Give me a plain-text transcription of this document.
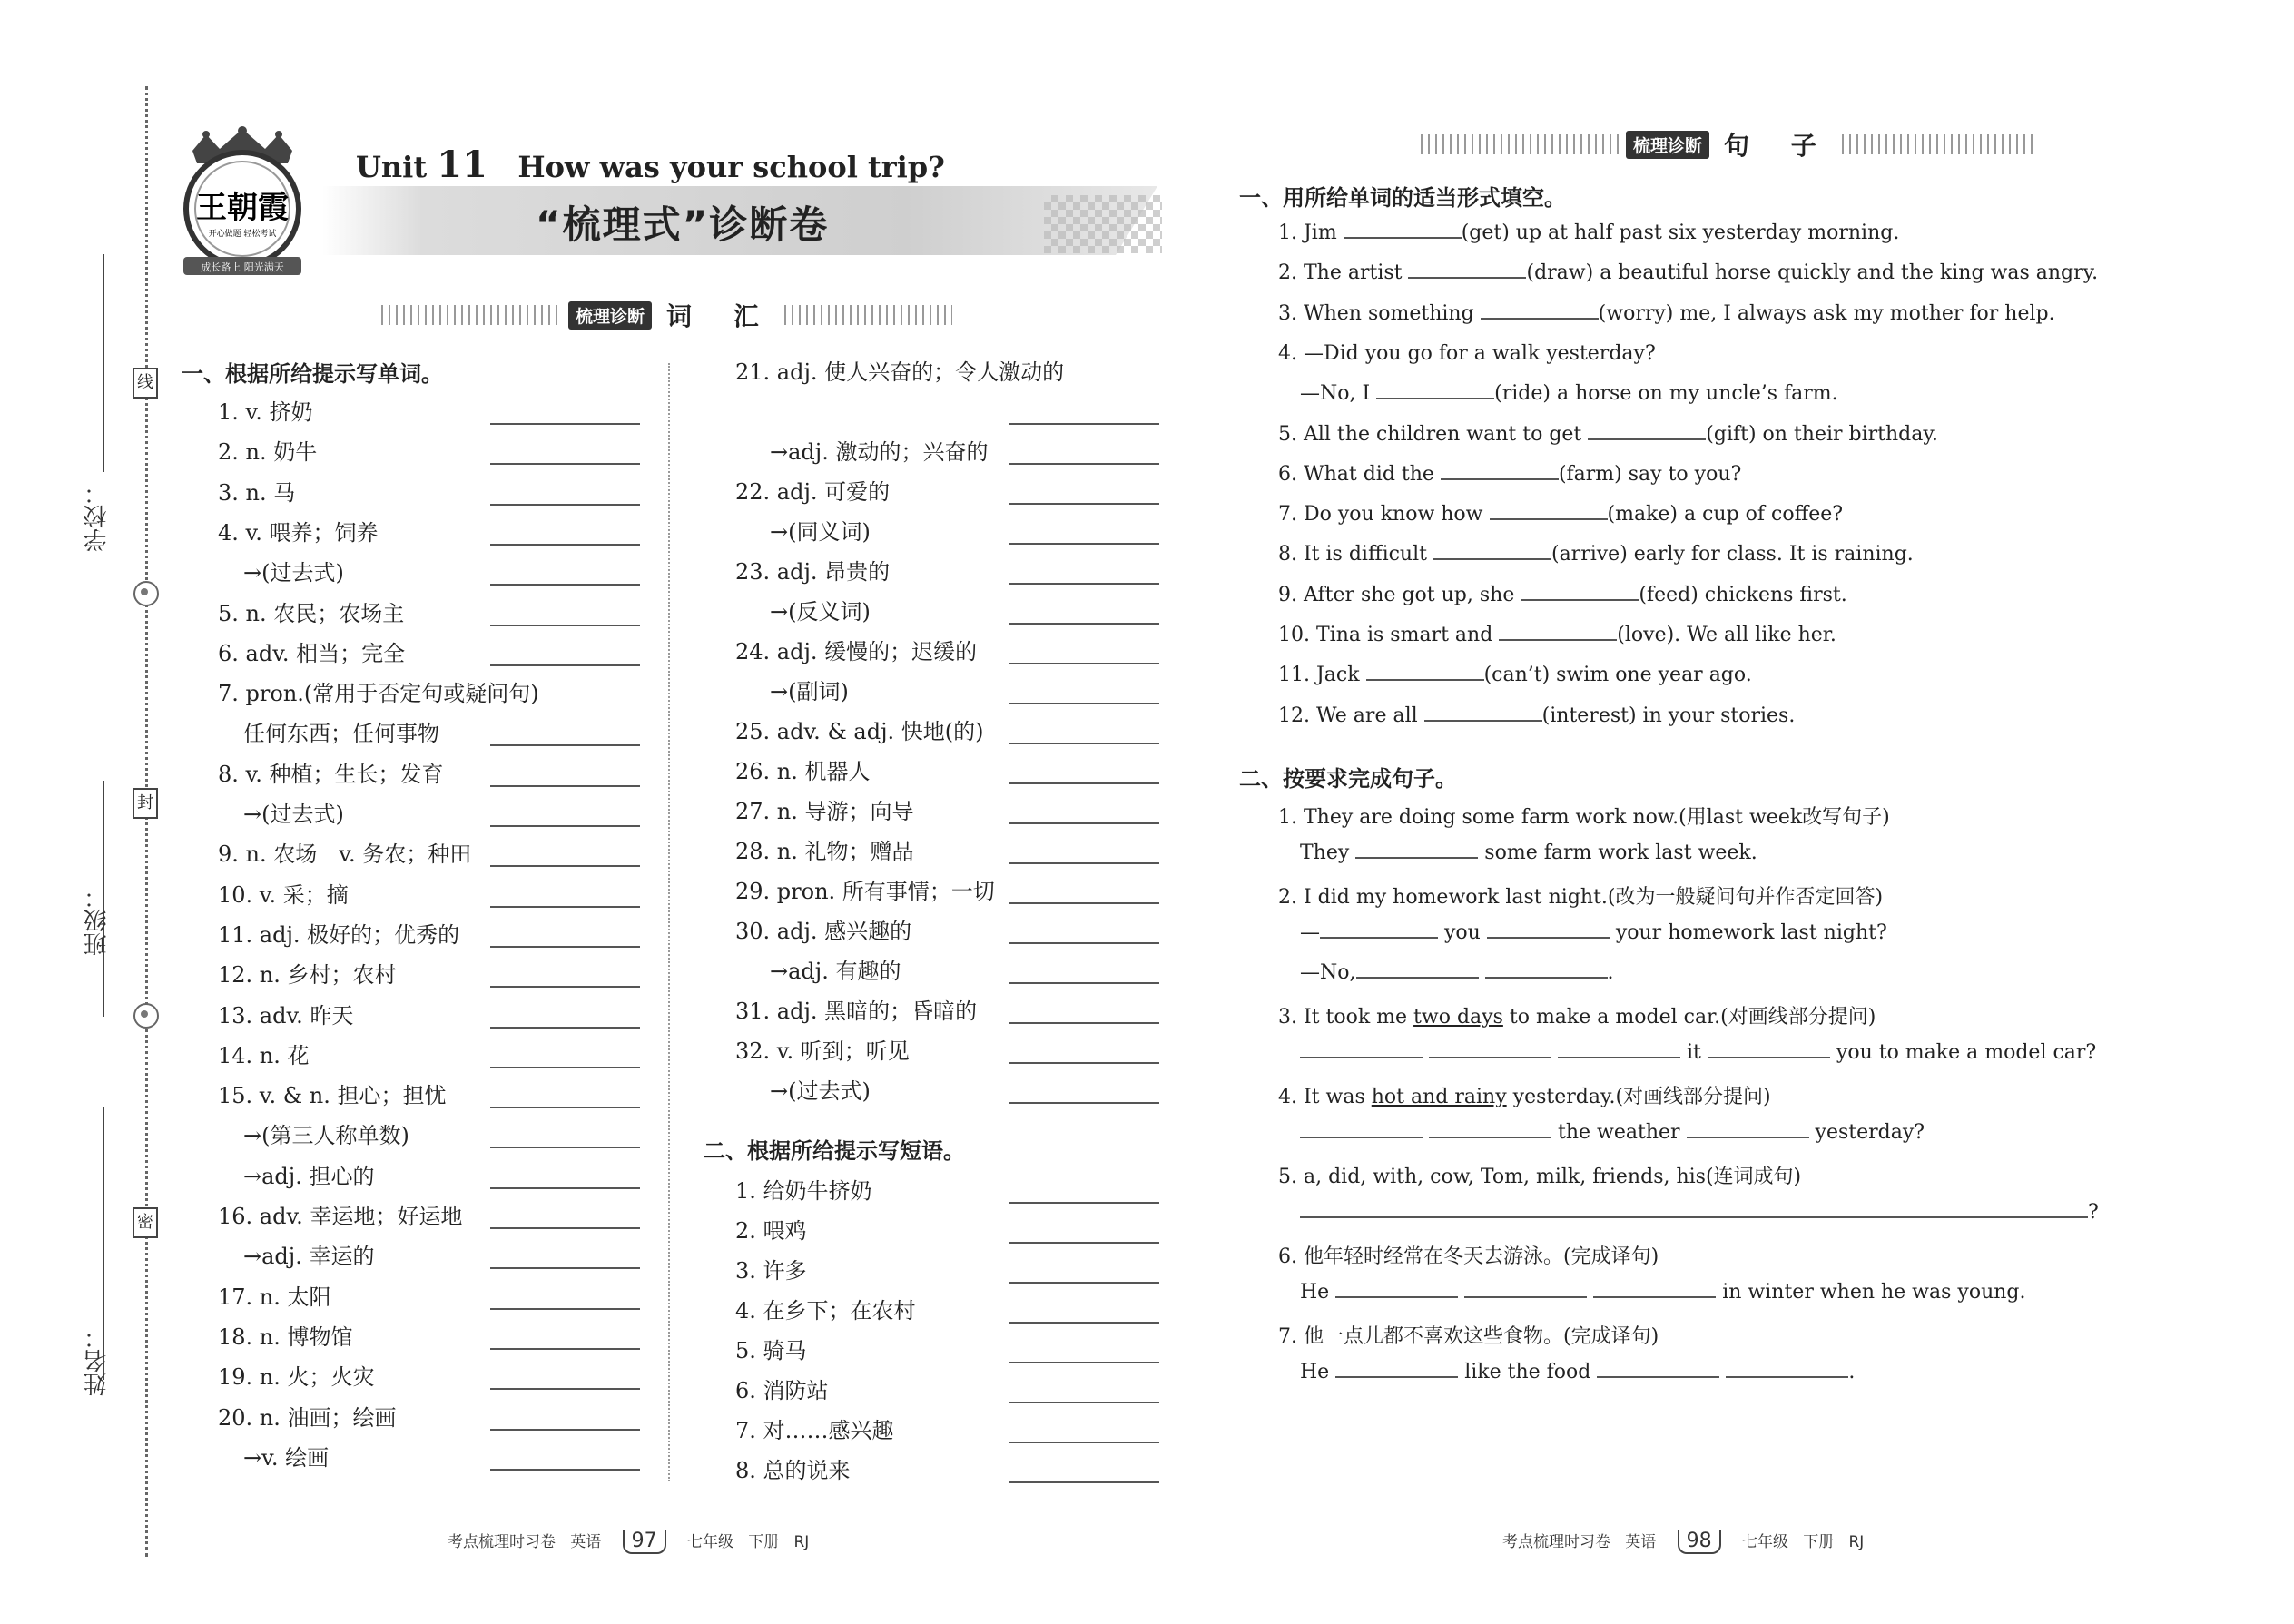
姓名：
班级：
学校：
线
封
密
王朝霞
开心做题 轻松考试
成长路上 阳光满天
Unit 11 How was your school trip?
“梳理式”诊断卷
梳理诊断 词 汇
一、根据所给提示写单词。
二、根据所给提示写短语。
1. v. 挤奶
2. n. 奶牛
3. n. 马
4. v. 喂养；饲养
→(过去式)
5. n. 农民；农场主
6. adv. 相当；完全
7. pron.(常用于否定句或疑问句)
任何东西；任何事物
8. v. 种植；生长；发育
→(过去式)
9. n. 农场　v. 务农；种田
10. v. 采；摘
11. adj. 极好的；优秀的
12. n. 乡村；农村
13. adv. 昨天
14. n. 花
15. v. & n. 担心；担忧
→(第三人称单数)
→adj. 担心的
16. adv. 幸运地；好运地
→adj. 幸运的
17. n. 太阳
18. n. 博物馆
19. n. 火；火灾
20. n. 油画；绘画
→v. 绘画
21. adj. 使人兴奋的；令人激动的
→adj. 激动的；兴奋的
22. adj. 可爱的
→(同义词)
23. adj. 昂贵的
→(反义词)
24. adj. 缓慢的；迟缓的
→(副词)
25. adv. & adj. 快地(的)
26. n. 机器人
27. n. 导游；向导
28. n. 礼物；赠品
29. pron. 所有事情；一切
30. adj. 感兴趣的
→adj. 有趣的
31. adj. 黑暗的；昏暗的
32. v. 听到；听见
→(过去式)
1. 给奶牛挤奶
2. 喂鸡
3. 许多
4. 在乡下；在农村
5. 骑马
6. 消防站
7. 对……感兴趣
8. 总的说来
梳理诊断 句 子
一、用所给单词的适当形式填空。
1. Jim	(get) up at half past six yesterday morning.
2. The artist	(draw) a beautiful horse quickly and the king was angry.
3. When something	(worry) me, I always ask my mother for help.
4. —Did you go for a walk yesterday?
—No, I	(ride) a horse on my uncle’s farm.
5. All the children want to get	(gift) on their birthday.
6. What did the	(farm) say to you?
7. Do you know how	(make) a cup of coffee?
8. It is difficult	(arrive) early for class. It is raining.
9. After she got up, she	(feed) chickens first.
10. Tina is smart and	(love). We all like her.
11. Jack	(can’t) swim one year ago.
12. We are all	(interest) in your stories.
二、按要求完成句子。
1. They are doing some farm work now.(用last week改写句子)
They	some farm work last week.
2. I did my homework last night.(改为一般疑问句并作否定回答)
—	you	your homework last night?
—No,	.
3. It took me two days to make a model car.(对画线部分提问)
it	you to make a model car?
4. It was hot and rainy yesterday.(对画线部分提问)
the weather	yesterday?
5. a, did, with, cow, Tom, milk, friends, his(连词成句)
?
6. 他年轻时经常在冬天去游泳。(完成译句)
He	in winter when he was young.
7. 他一点儿都不喜欢这些食物。(完成译句)
He	like the food	.
考点梳理时习卷 英语 97 七年级 下册 RJ	考点梳理时习卷 英语 98 七年级 下册 RJ
